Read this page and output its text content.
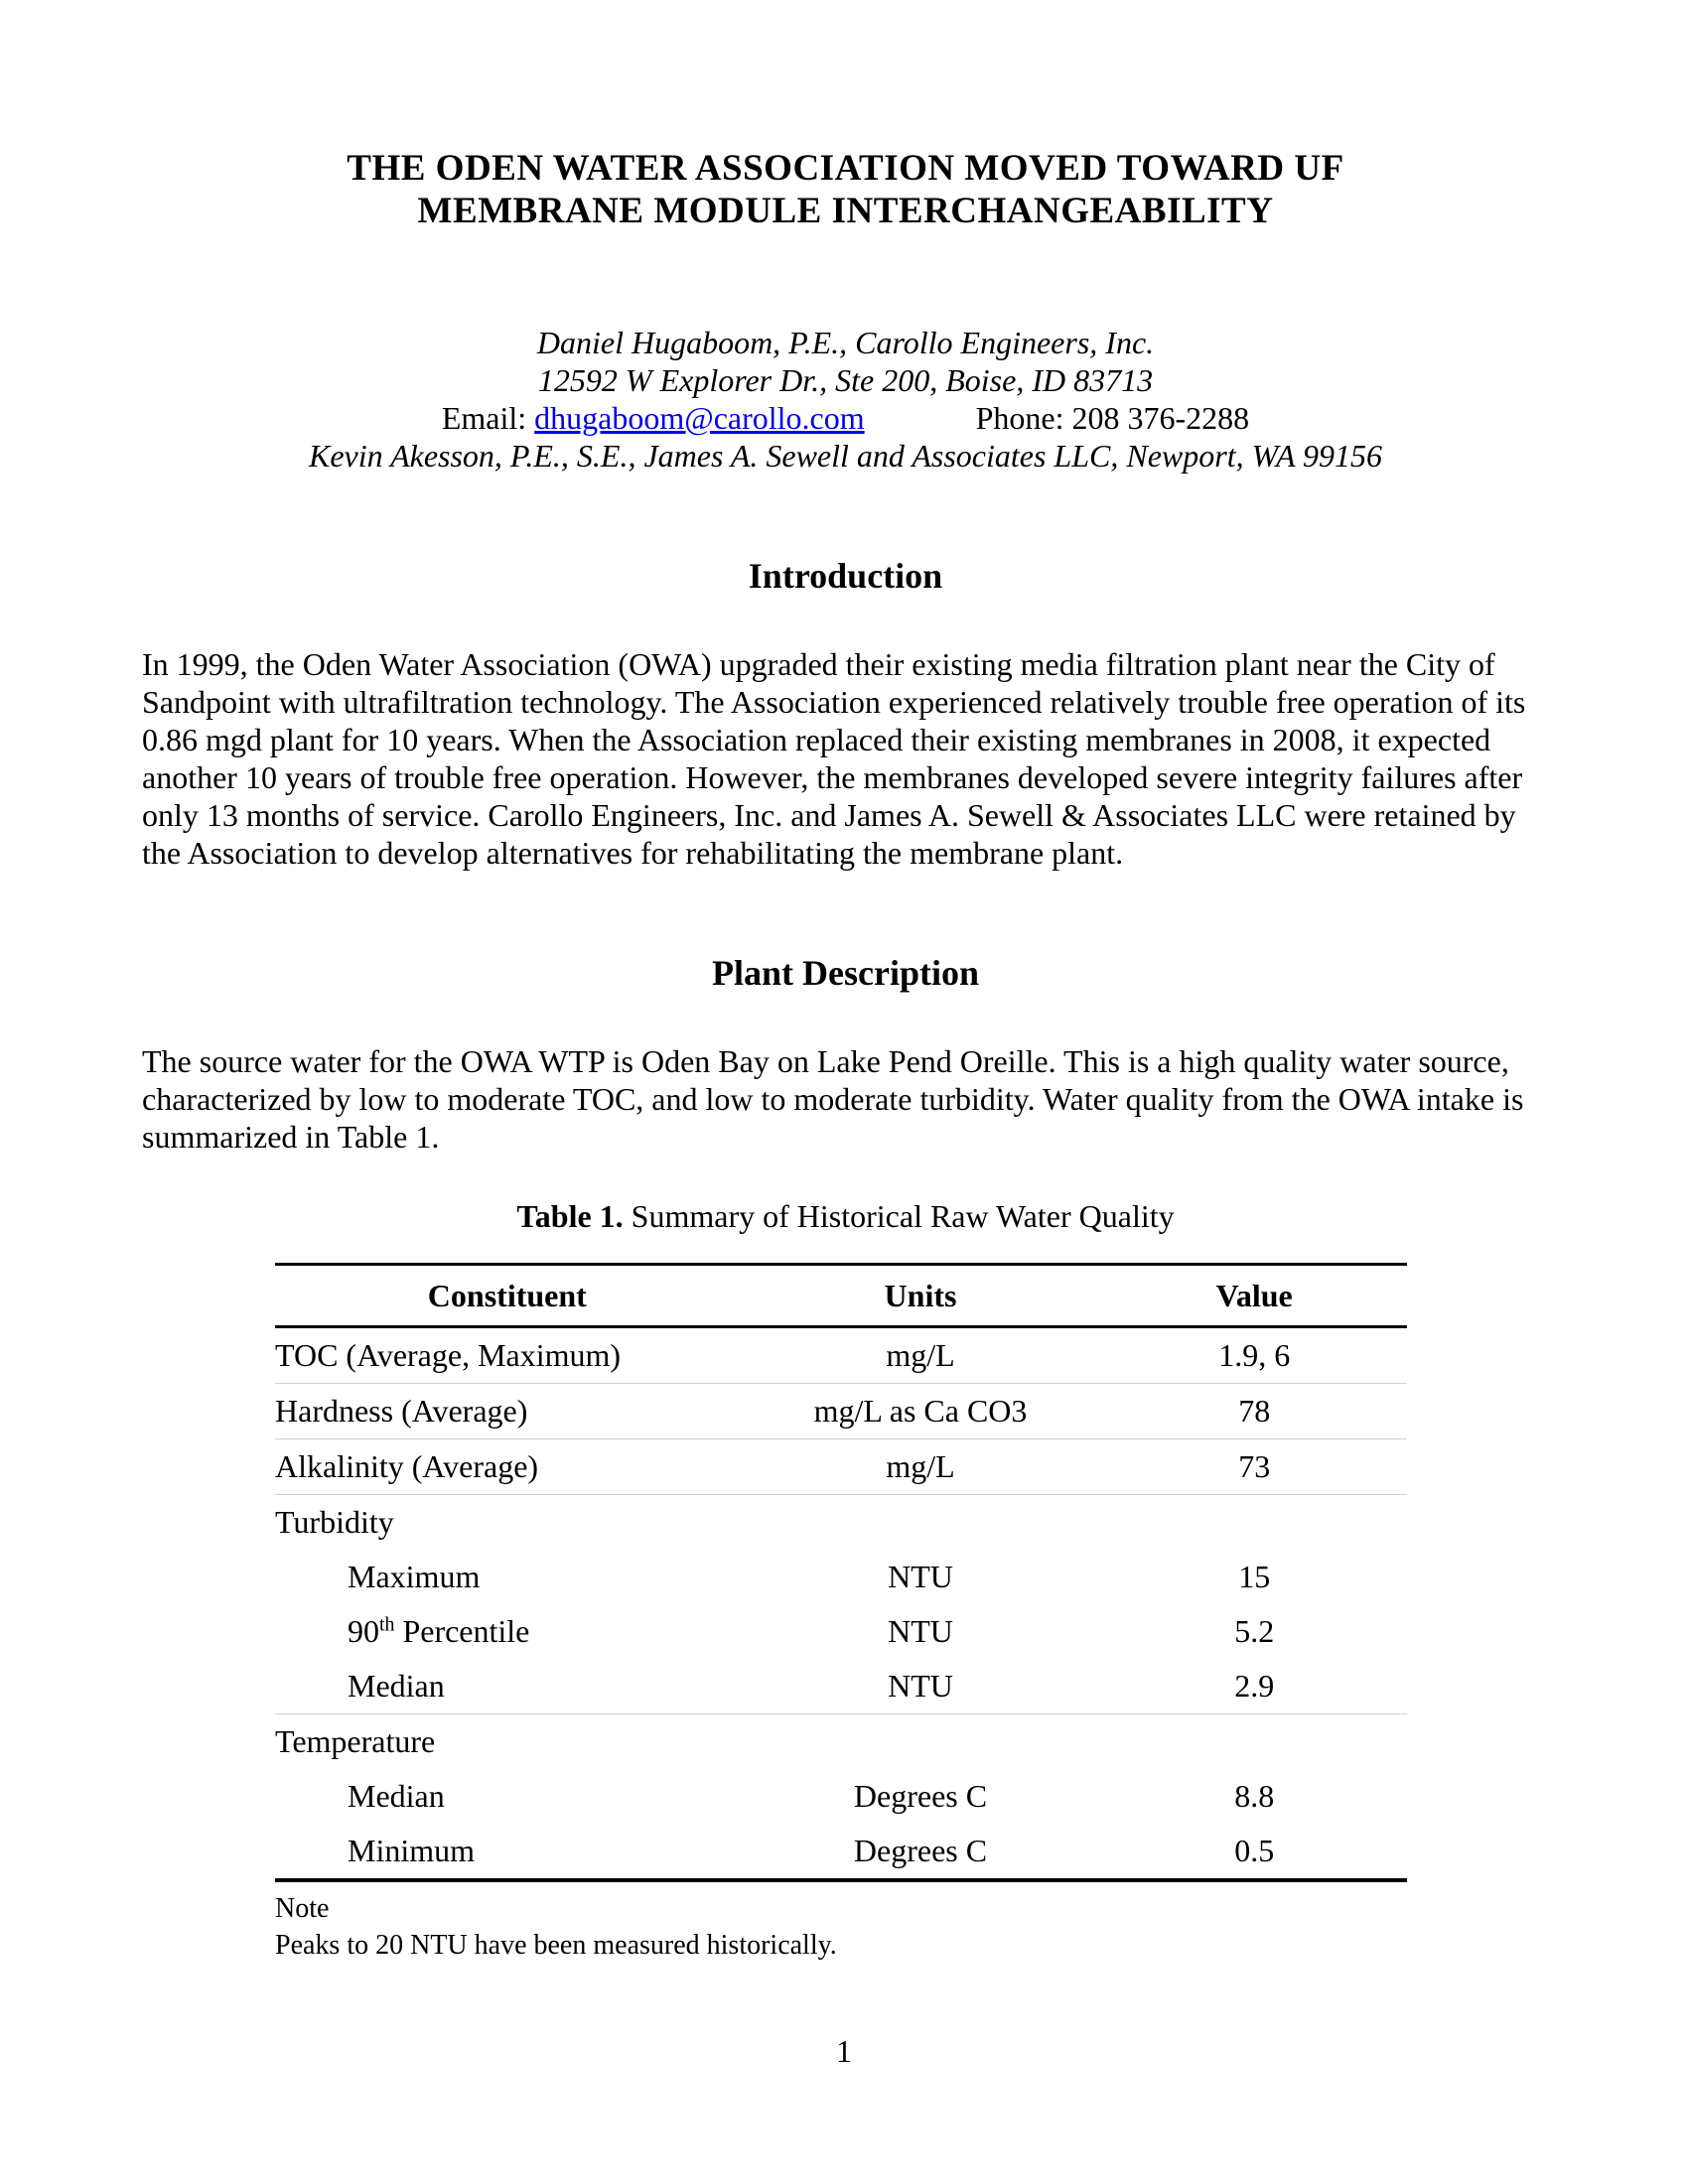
THE ODEN WATER ASSOCIATION MOVED TOWARD UF
MEMBRANE MODULE INTERCHANGEABILITY
Daniel Hugaboom, P.E., Carollo Engineers, Inc.
12592 W Explorer Dr., Ste 200, Boise, ID 83713
Email: dhugaboom@carollo.com	Phone: 208 376-2288
Kevin Akesson, P.E., S.E., James A. Sewell and Associates LLC, Newport, WA 99156
Introduction

In 1999, the Oden Water Association (OWA) upgraded their existing media filtration plant near the City of Sandpoint with ultrafiltration technology. The Association experienced relatively trouble free operation of its 0.86 mgd plant for 10 years. When the Association replaced their existing membranes in 2008, it expected another 10 years of trouble free operation. However, the membranes developed severe integrity failures after only 13 months of service. Carollo Engineers, Inc. and James A. Sewell & Associates LLC were retained by the Association to develop alternatives for rehabilitating the membrane plant.

Plant Description

The source water for the OWA WTP is Oden Bay on Lake Pend Oreille. This is a high quality water source, characterized by low to moderate TOC, and low to moderate turbidity. Water quality from the OWA intake is summarized in Table 1.

Table 1. Summary of Historical Raw Water Quality
Constituent	Units	Value
TOC (Average, Maximum)	mg/L	1.9, 6
Hardness (Average)	mg/L as Ca CO3	78
Alkalinity (Average)	mg/L	73
Turbidity		
Maximum	NTU	15
90th Percentile	NTU	5.2
Median	NTU	2.9
Temperature		
Median	Degrees C	8.8
Minimum	Degrees C	0.5
Note
Peaks to 20 NTU have been measured historically.
1
